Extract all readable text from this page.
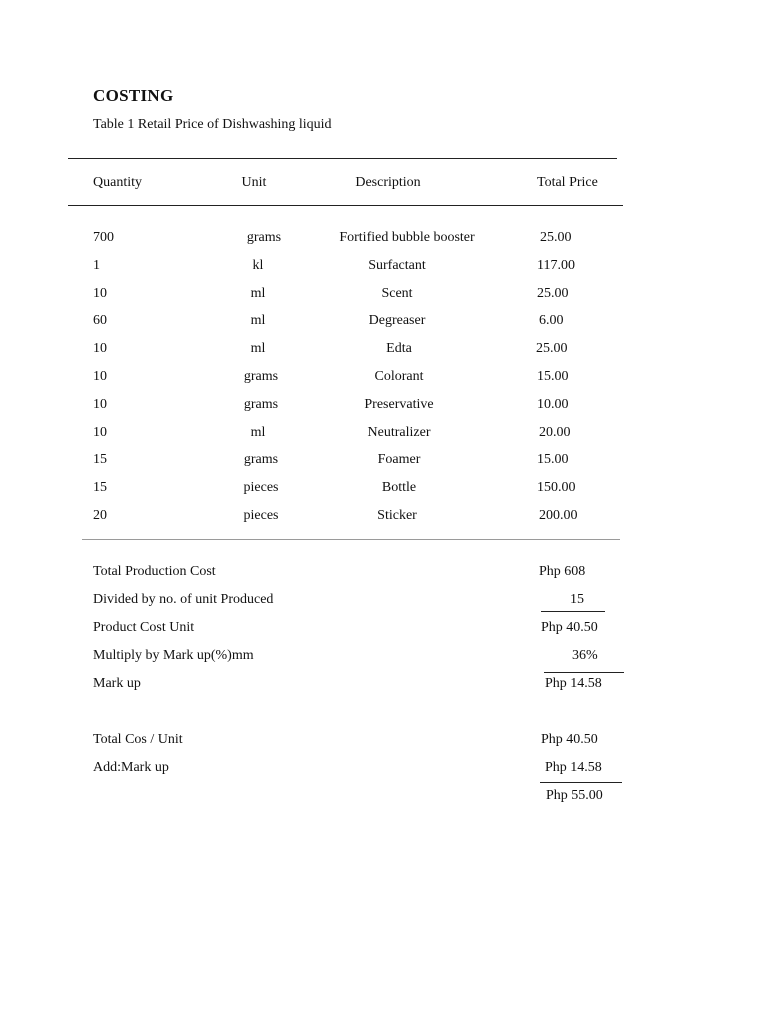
COSTING
Table 1 Retail Price of Dishwashing liquid
Quantity	Unit	Description	Total Price
700	grams	Fortified bubble booster	25.00
1	kl	Surfactant	117.00
10	ml	Scent	25.00
60	ml	Degreaser	6.00
10	ml	Edta	25.00
10	grams	Colorant	15.00
10	grams	Preservative	10.00
10	ml	Neutralizer	20.00
15	grams	Foamer	15.00
15	pieces	Bottle	150.00
20	pieces	Sticker	200.00
Total Production Cost	Php 608
Divided by no. of unit Produced	15
Product Cost Unit	Php 40.50
Multiply by Mark up(%)mm	36%
Mark up	Php 14.58
Total Cos / Unit	Php 40.50
Add:Mark up	Php 14.58
Php 55.00
